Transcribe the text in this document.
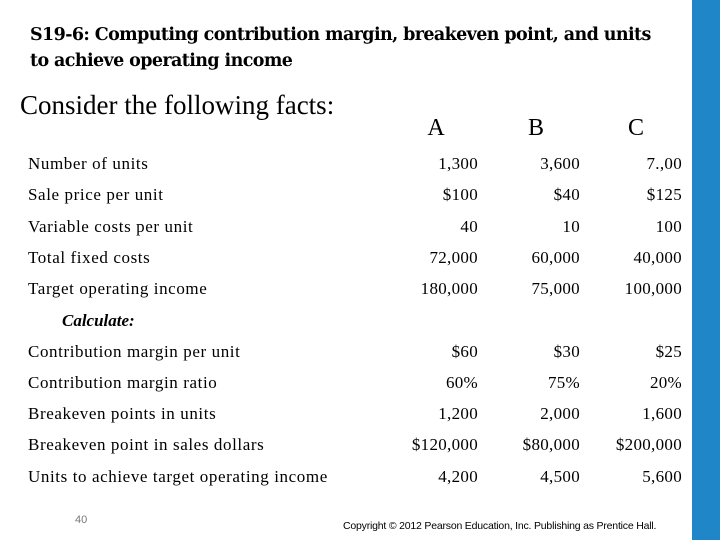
S19-6: Computing contribution margin, breakeven point, and units to achieve operating income
Consider the following facts:
A	B	C
Number of units	1,300	3,600	7.,00
Sale price per unit	$100	$40	$125
Variable costs per unit	40	10	100
Total fixed costs	72,000	60,000	40,000
Target operating income	180,000	75,000	100,000
Calculate:
Contribution margin per unit	$60	$30	$25
Contribution margin ratio	60%	75%	20%
Breakeven points in units	1,200	2,000	1,600
Breakeven point in sales dollars	$120,000	$80,000	$200,000
Units to achieve target operating income	4,200	4,500	5,600
40	Copyright © 2012 Pearson Education, Inc. Publishing as Prentice Hall.
